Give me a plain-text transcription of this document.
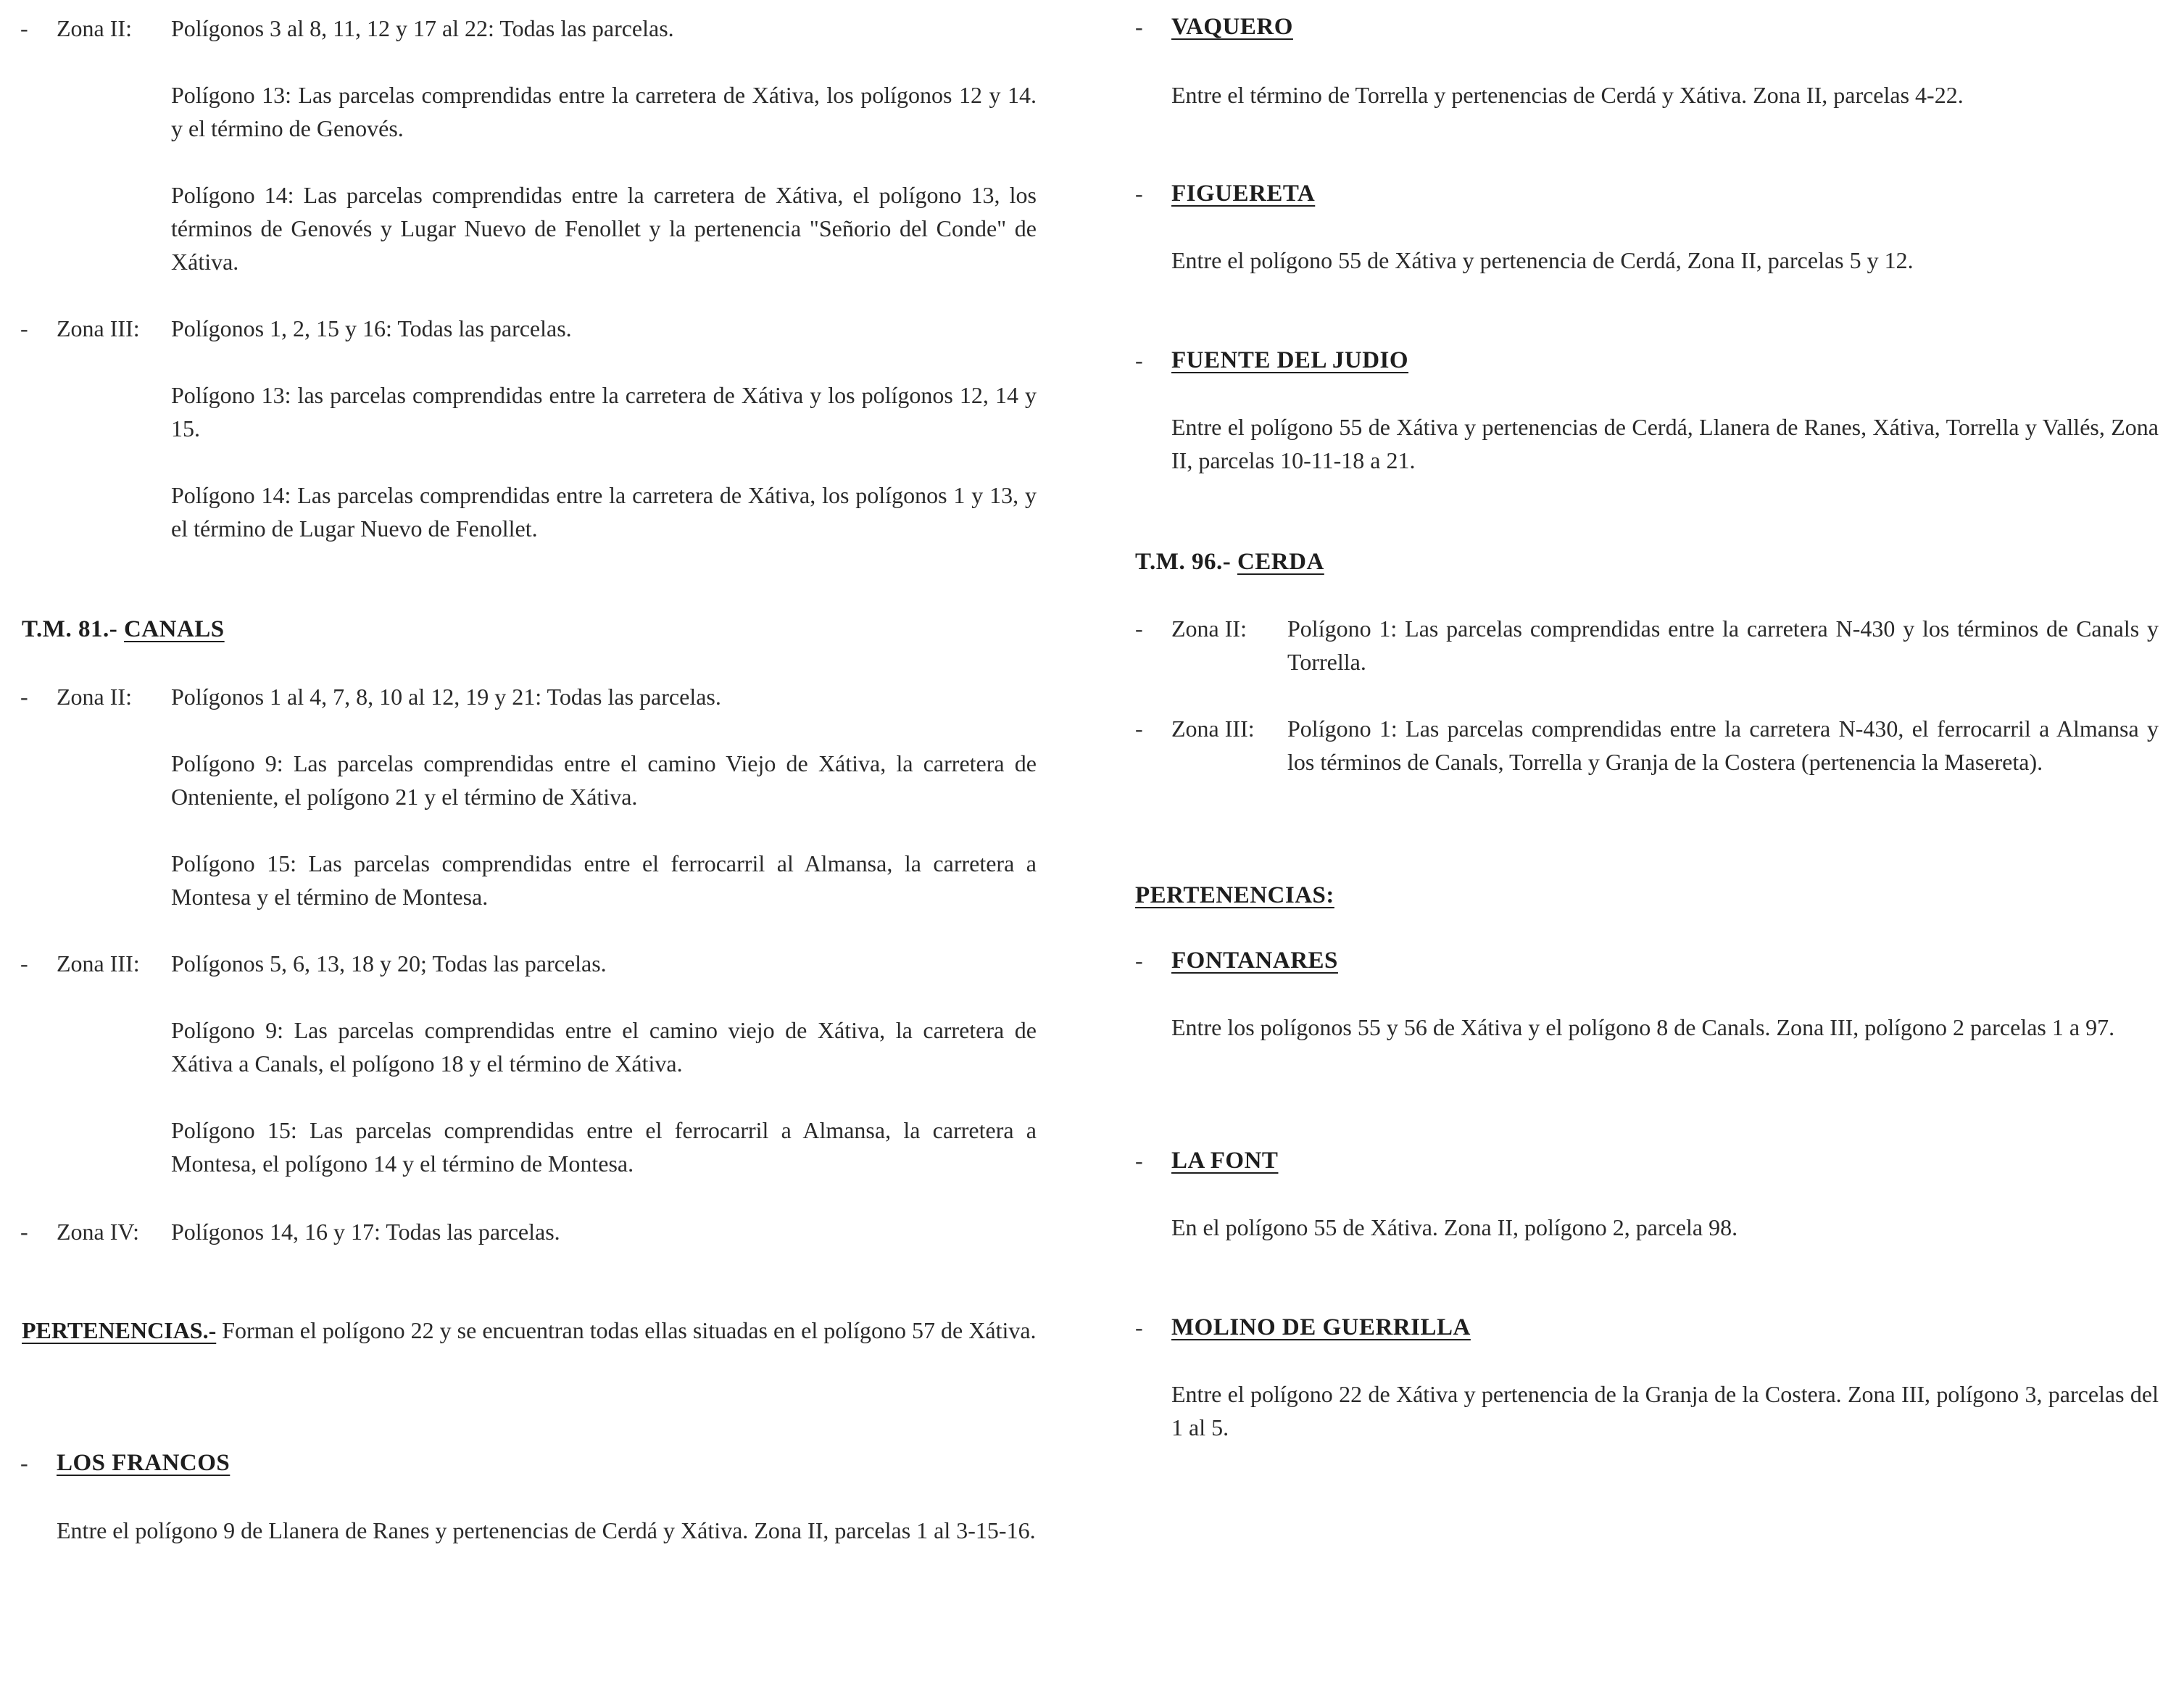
- Zona II: Polígonos 3 al 8, 11, 12 y 17 al 22: Todas las parcelas.
Polígono 13: Las parcelas comprendidas entre la carretera de Xátiva, los polígonos 12 y 14. y el término de Genovés.
Polígono 14: Las parcelas comprendidas entre la carretera de Xátiva, el polígono 13, los términos de Genovés y Lugar Nuevo de Fenollet y la pertenencia "Señorio del Conde" de Xátiva.
- Zona III: Polígonos 1, 2, 15 y 16: Todas las parcelas.
Polígono 13: las parcelas comprendidas entre la carretera de Xátiva y los polígonos 12, 14 y 15.
Polígono 14: Las parcelas comprendidas entre la carretera de Xátiva, los polígonos 1 y 13, y el término de Lugar Nuevo de Fenollet.
T.M. 81.- CANALS
- Zona II: Polígonos 1 al 4, 7, 8, 10 al 12, 19 y 21: Todas las parcelas.
Polígono 9: Las parcelas comprendidas entre el camino Viejo de Xátiva, la carretera de Onteniente, el polígono 21 y el término de Xátiva.
Polígono 15: Las parcelas comprendidas entre el ferrocarril al Almansa, la carretera a Montesa y el término de Montesa.
- Zona III: Polígonos 5, 6, 13, 18 y 20; Todas las parcelas.
Polígono 9: Las parcelas comprendidas entre el camino viejo de Xátiva, la carretera de Xátiva a Canals, el polígono 18 y el término de Xátiva.
Polígono 15: Las parcelas comprendidas entre el ferrocarril a Almansa, la carretera a Montesa, el polígono 14 y el término de Montesa.
- Zona IV: Polígonos 14, 16 y 17: Todas las parcelas.
PERTENENCIAS.- Forman el polígono 22 y se encuentran todas ellas situadas en el polígono 57 de Xátiva.
- LOS FRANCOS
Entre el polígono 9 de Llanera de Ranes y pertenencias de Cerdá y Xátiva. Zona II, parcelas 1 al 3-15-16.
- VAQUERO
Entre el término de Torrella y pertenencias de Cerdá y Xátiva. Zona II, parcelas 4-22.
- FIGUERETA
Entre el polígono 55 de Xátiva y pertenencia de Cerdá, Zona II, parcelas 5 y 12.
- FUENTE DEL JUDIO
Entre el polígono 55 de Xátiva y pertenencias de Cerdá, Llanera de Ranes, Xátiva, Torrella y Vallés, Zona II, parcelas 10-11-18 a 21.
T.M. 96.- CERDA
- Zona II: Polígono 1: Las parcelas comprendidas entre la carretera N-430 y los términos de Canals y Torrella.
- Zona III: Polígono 1: Las parcelas comprendidas entre la carretera N-430, el ferrocarril a Almansa y los términos de Canals, Torrella y Granja de la Costera (pertenencia la Masereta).
PERTENENCIAS:
- FONTANARES
Entre los polígonos 55 y 56 de Xátiva y el polígono 8 de Canals. Zona III, polígono 2 parcelas 1 a 97.
- LA FONT
En el polígono 55 de Xátiva. Zona II, polígono 2, parcela 98.
- MOLINO DE GUERRILLA
Entre el polígono 22 de Xátiva y pertenencia de la Granja de la Costera. Zona III, polígono 3, parcelas del 1 al 5.
